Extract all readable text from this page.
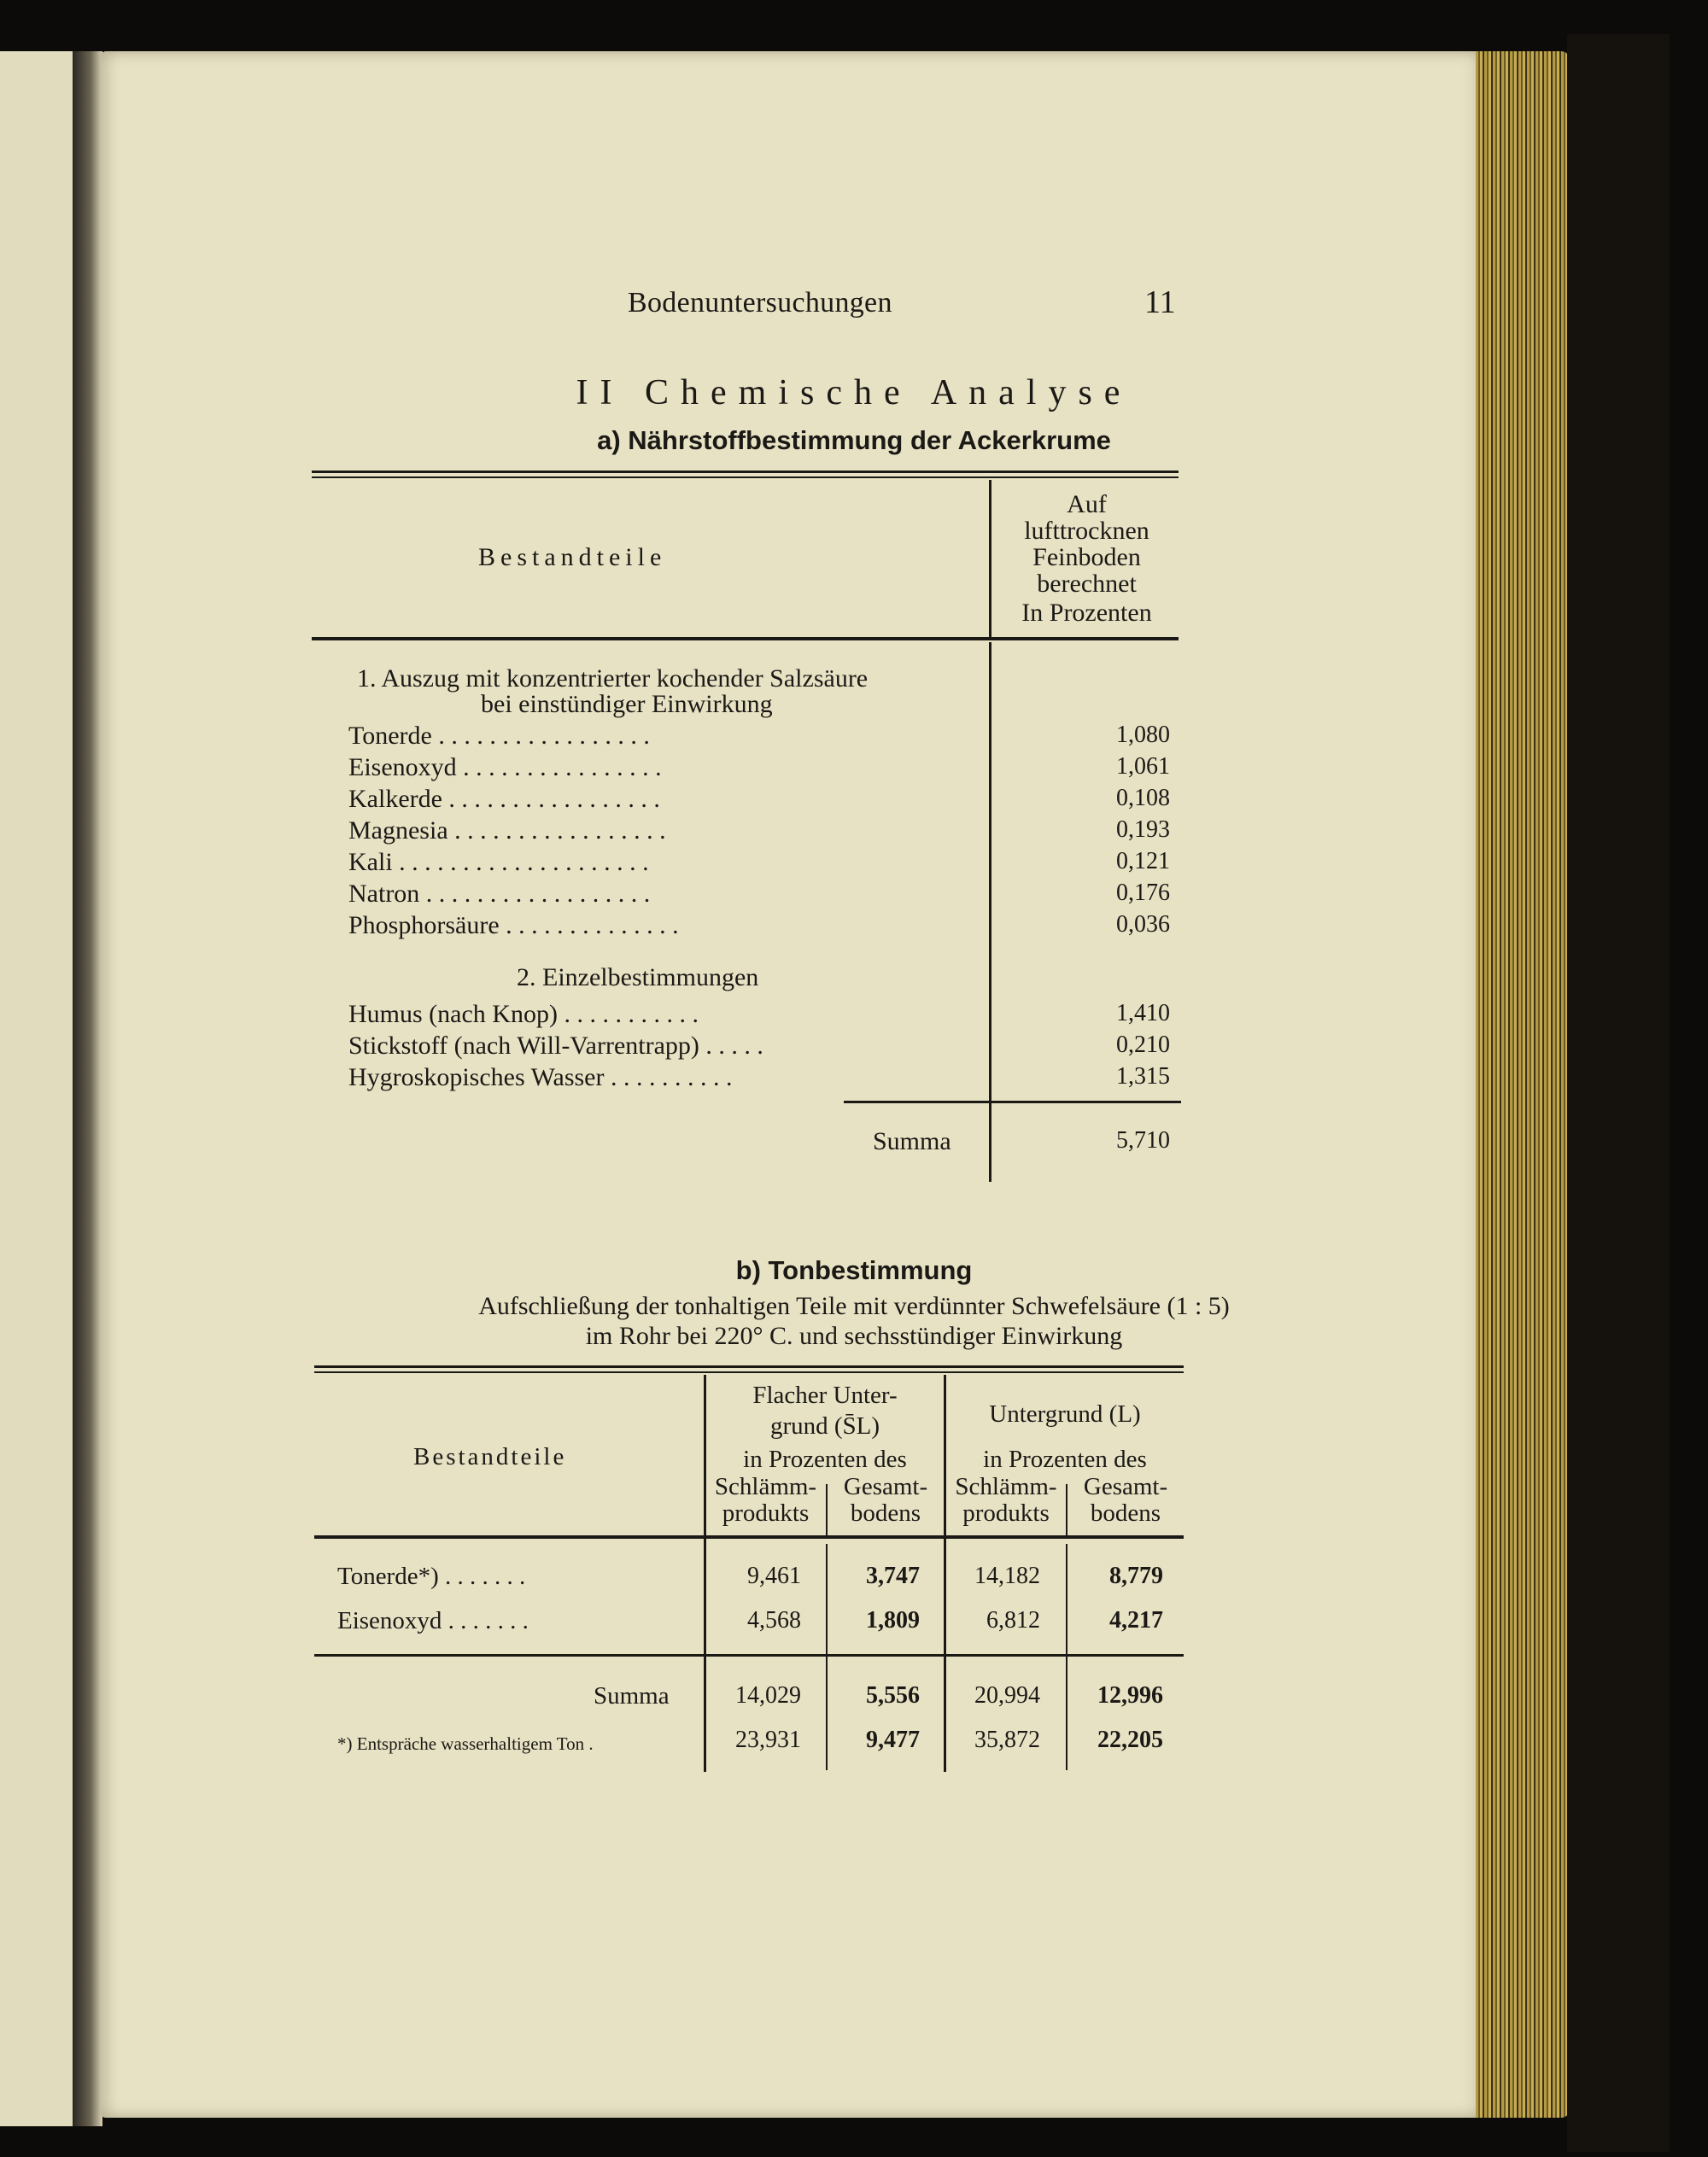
Bodenuntersuchungen	11
II Chemische Analyse
a) Nährstoffbestimmung der Ackerkrume
Bestandteile
Auf
lufttrocknen
Feinboden
berechnet
In Prozenten
1. Auszug mit konzentrierter kochender Salzsäure
bei einstündiger Einwirkung
Tonerde . . . . . . . . . . . . . . . . .	1,080
Eisenoxyd . . . . . . . . . . . . . . . .	1,061
Kalkerde . . . . . . . . . . . . . . . . .	0,108
Magnesia . . . . . . . . . . . . . . . . .	0,193
Kali . . . . . . . . . . . . . . . . . . . .	0,121
Natron . . . . . . . . . . . . . . . . . .	0,176
Phosphorsäure . . . . . . . . . . . . . .	0,036
2. Einzelbestimmungen
Humus (nach Knop) . . . . . . . . . . .	1,410
Stickstoff (nach Will-Varrentrapp) . . . . .	0,210
Hygroskopisches Wasser . . . . . . . . . .	1,315
Summa	5,710
b) Tonbestimmung
Aufschließung der tonhaltigen Teile mit verdünnter Schwefelsäure (1 : 5)
im Rohr bei 220° C. und sechsstündiger Einwirkung
Bestandteile
Flacher Unter-
grund (S̄L)	Untergrund (L)
in Prozenten des	in Prozenten des
Schlämm-
produkts
Gesamt-
bodens
Schlämm-
produkts
Gesamt-
bodens
Tonerde*) . . . . . . .	9,461	3,747	14,182	8,779
Eisenoxyd . . . . . . .	4,568	1,809	6,812	4,217
Summa	14,029	5,556	20,994	12,996
*) Entspräche wasserhaltigem Ton .	23,931	9,477	35,872	22,205
